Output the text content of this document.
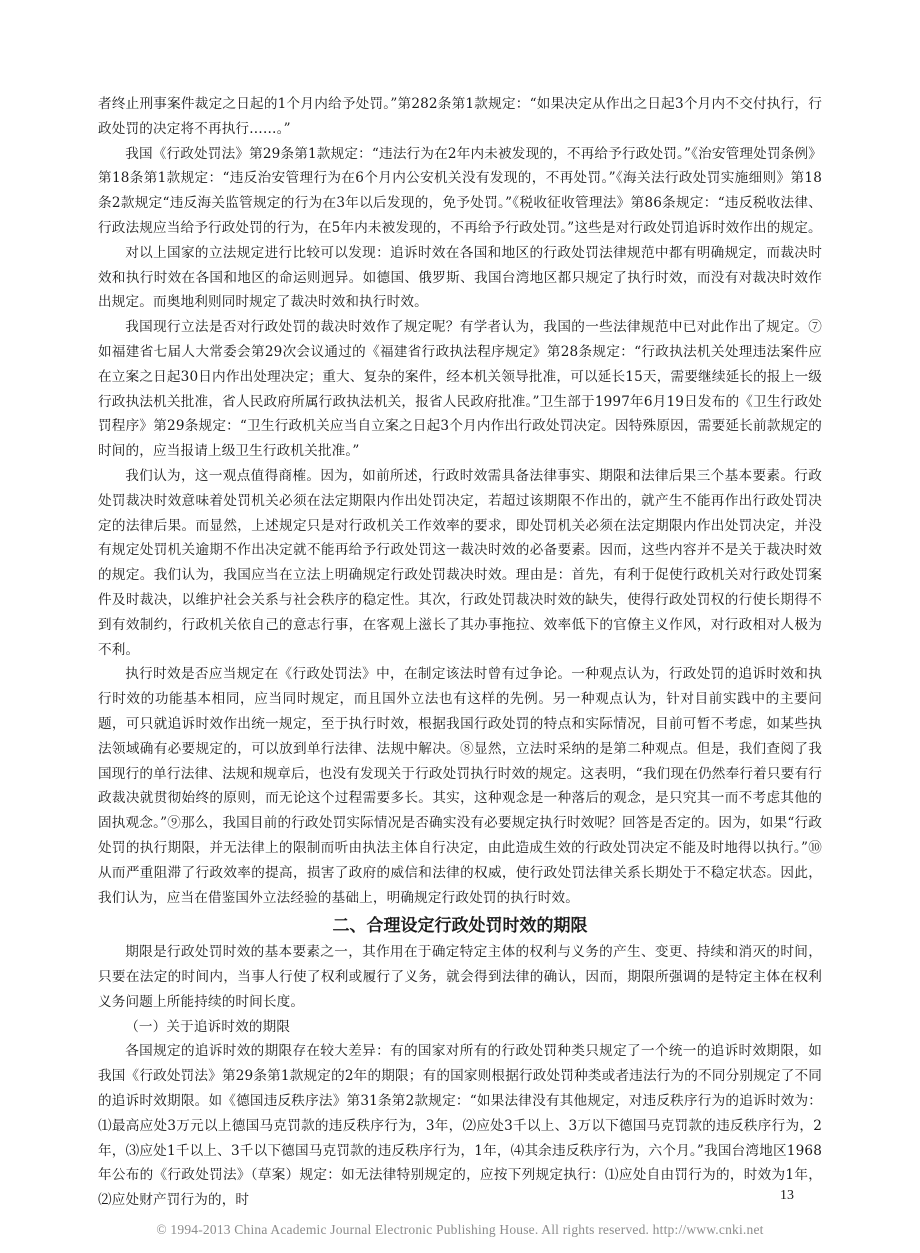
者终止刑事案件裁定之日起的1个月内给予处罚。”第282条第1款规定：“如果决定从作出之日起3个月内不交付执行，行政处罚的决定将不再执行……。”

我国《行政处罚法》第29条第1款规定：“违法行为在2年内未被发现的，不再给予行政处罚。”《治安管理处罚条例》第18条第1款规定：“违反治安管理行为在6个月内公安机关没有发现的，不再处罚。”《海关法行政处罚实施细则》第18条2款规定“违反海关监管规定的行为在3年以后发现的，免予处罚。”《税收征收管理法》第86条规定：“违反税收法律、行政法规应当给予行政处罚的行为，在5年内未被发现的，不再给予行政处罚。”这些是对行政处罚追诉时效作出的规定。

对以上国家的立法规定进行比较可以发现：追诉时效在各国和地区的行政处罚法律规范中都有明确规定，而裁决时效和执行时效在各国和地区的命运则迥异。如德国、俄罗斯、我国台湾地区都只规定了执行时效，而没有对裁决时效作出规定。而奥地利则同时规定了裁决时效和执行时效。

我国现行立法是否对行政处罚的裁决时效作了规定呢？有学者认为，我国的一些法律规范中已对此作出了规定。⑦如福建省七届人大常委会第29次会议通过的《福建省行政执法程序规定》第28条规定：“行政执法机关处理违法案件应在立案之日起30日内作出处理决定；重大、复杂的案件，经本机关领导批准，可以延长15天，需要继续延长的报上一级行政执法机关批准，省人民政府所属行政执法机关，报省人民政府批准。”卫生部于1997年6月19日发布的《卫生行政处罚程序》第29条规定：“卫生行政机关应当自立案之日起3个月内作出行政处罚决定。因特殊原因，需要延长前款规定的时间的，应当报请上级卫生行政机关批准。”

我们认为，这一观点值得商榷。因为，如前所述，行政时效需具备法律事实、期限和法律后果三个基本要素。行政处罚裁决时效意味着处罚机关必须在法定期限内作出处罚决定，若超过该期限不作出的，就产生不能再作出行政处罚决定的法律后果。而显然，上述规定只是对行政机关工作效率的要求，即处罚机关必须在法定期限内作出处罚决定，并没有规定处罚机关逾期不作出决定就不能再给予行政处罚这一裁决时效的必备要素。因而，这些内容并不是关于裁决时效的规定。我们认为，我国应当在立法上明确规定行政处罚裁决时效。理由是：首先，有利于促使行政机关对行政处罚案件及时裁决，以维护社会关系与社会秩序的稳定性。其次，行政处罚裁决时效的缺失，使得行政处罚权的行使长期得不到有效制约，行政机关依自己的意志行事，在客观上滋长了其办事拖拉、效率低下的官僚主义作风，对行政相对人极为不利。

执行时效是否应当规定在《行政处罚法》中，在制定该法时曾有过争论。一种观点认为，行政处罚的追诉时效和执行时效的功能基本相同，应当同时规定，而且国外立法也有这样的先例。另一种观点认为，针对目前实践中的主要问题，可只就追诉时效作出统一规定，至于执行时效，根据我国行政处罚的特点和实际情况，目前可暂不考虑，如某些执法领域确有必要规定的，可以放到单行法律、法规中解决。⑧显然，立法时采纳的是第二种观点。但是，我们查阅了我国现行的单行法律、法规和规章后，也没有发现关于行政处罚执行时效的规定。这表明，“我们现在仍然奉行着只要有行政裁决就贯彻始终的原则，而无论这个过程需要多长。其实，这种观念是一种落后的观念，是只究其一而不考虑其他的固执观念。”⑨那么，我国目前的行政处罚实际情况是否确实没有必要规定执行时效呢？回答是否定的。因为，如果“行政处罚的执行期限，并无法律上的限制而听由执法主体自行决定，由此造成生效的行政处罚决定不能及时地得以执行。”⑩从而严重阻滞了行政效率的提高，损害了政府的威信和法律的权威，使行政处罚法律关系长期处于不稳定状态。因此，我们认为，应当在借鉴国外立法经验的基础上，明确规定行政处罚的执行时效。

二、合理设定行政处罚时效的期限

期限是行政处罚时效的基本要素之一，其作用在于确定特定主体的权利与义务的产生、变更、持续和消灭的时间，只要在法定的时间内，当事人行使了权利或履行了义务，就会得到法律的确认，因而，期限所强调的是特定主体在权利义务问题上所能持续的时间长度。

（一）关于追诉时效的期限

各国规定的追诉时效的期限存在较大差异：有的国家对所有的行政处罚种类只规定了一个统一的追诉时效期限，如我国《行政处罚法》第29条第1款规定的2年的期限；有的国家则根据行政处罚种类或者违法行为的不同分别规定了不同的追诉时效期限。如《德国违反秩序法》第31条第2款规定：“如果法律没有其他规定，对违反秩序行为的追诉时效为：⑴最高应处3万元以上德国马克罚款的违反秩序行为，3年，⑵应处3千以上、3万以下德国马克罚款的违反秩序行为，2年，⑶应处1千以上、3千以下德国马克罚款的违反秩序行为，1年，⑷其余违反秩序行为，六个月。”我国台湾地区1968年公布的《行政处罚法》（草案）规定：如无法律特别规定的，应按下列规定执行：⑴应处自由罚行为的，时效为1年，⑵应处财产罚行为的，时	13
© 1994-2013 China Academic Journal Electronic Publishing House. All rights reserved. http://www.cnki.net
